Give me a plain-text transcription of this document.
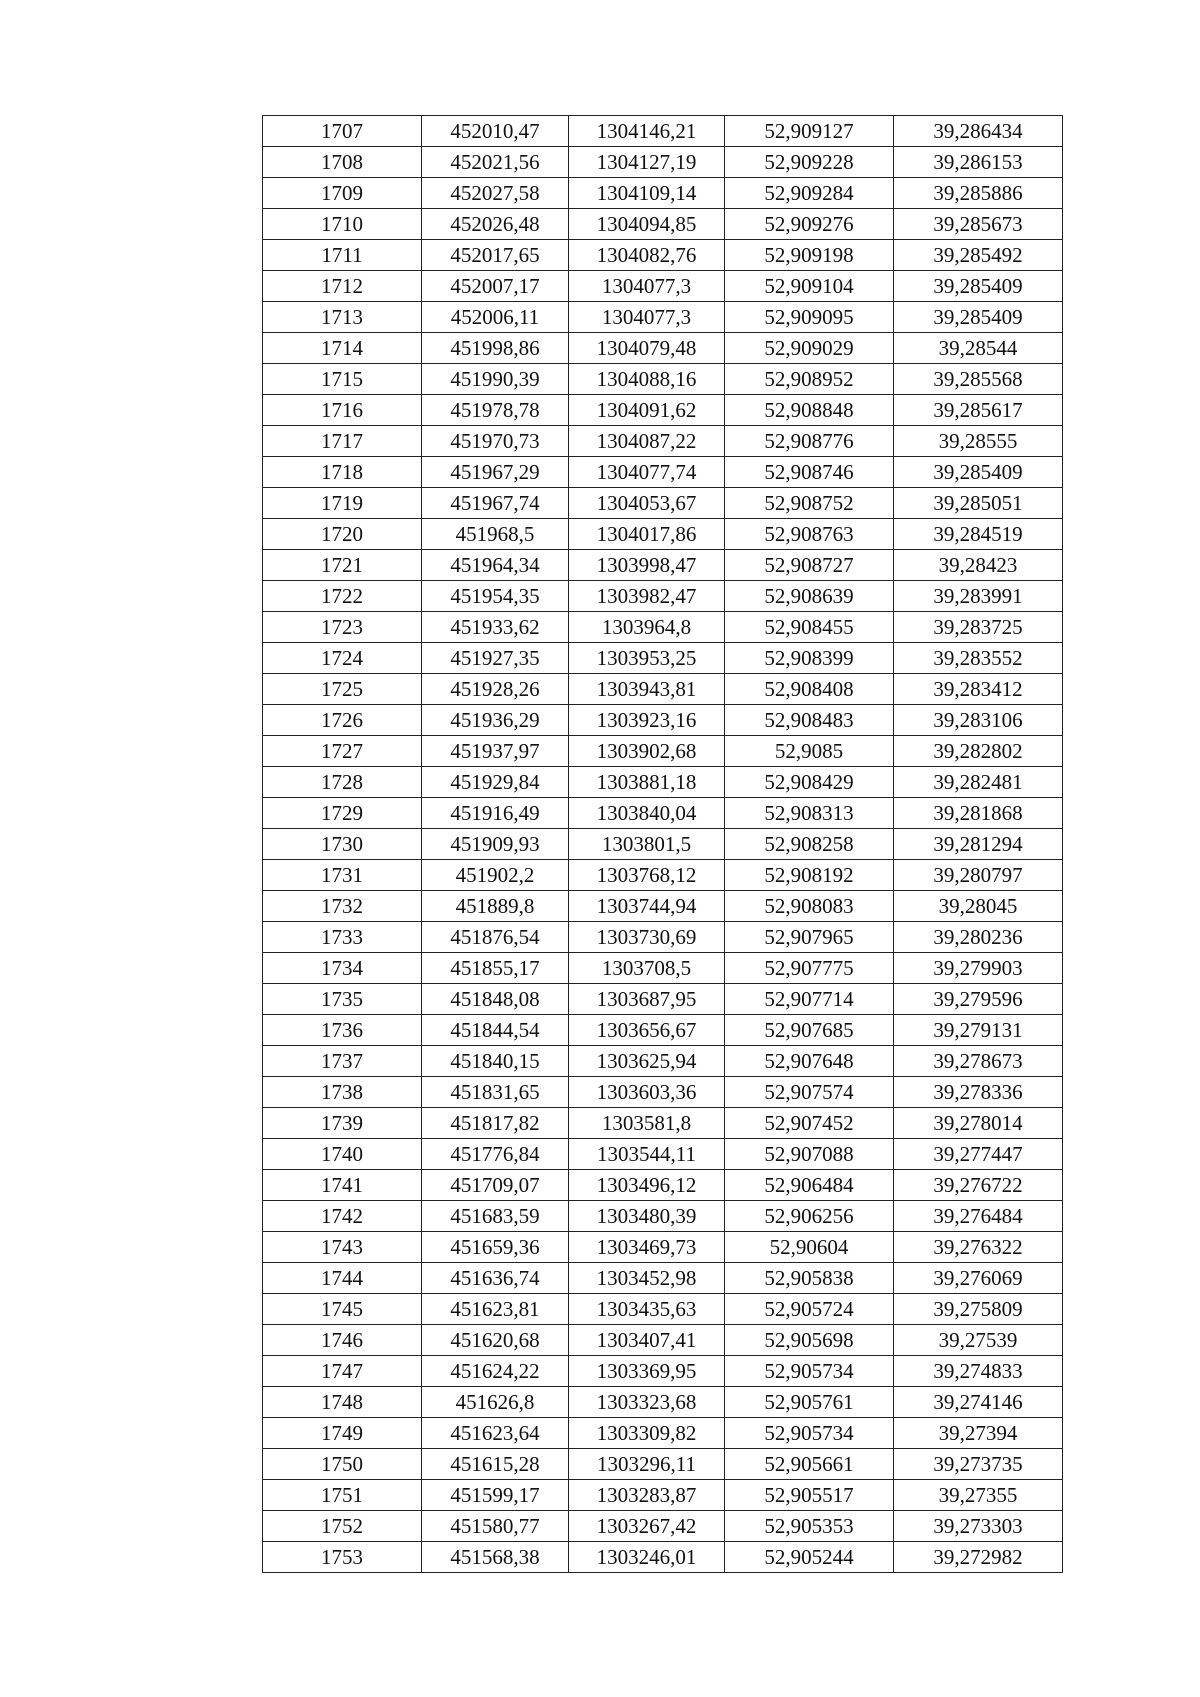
1707	452010,47	1304146,21	52,909127	39,286434
1708	452021,56	1304127,19	52,909228	39,286153
1709	452027,58	1304109,14	52,909284	39,285886
1710	452026,48	1304094,85	52,909276	39,285673
1711	452017,65	1304082,76	52,909198	39,285492
1712	452007,17	1304077,3	52,909104	39,285409
1713	452006,11	1304077,3	52,909095	39,285409
1714	451998,86	1304079,48	52,909029	39,28544
1715	451990,39	1304088,16	52,908952	39,285568
1716	451978,78	1304091,62	52,908848	39,285617
1717	451970,73	1304087,22	52,908776	39,28555
1718	451967,29	1304077,74	52,908746	39,285409
1719	451967,74	1304053,67	52,908752	39,285051
1720	451968,5	1304017,86	52,908763	39,284519
1721	451964,34	1303998,47	52,908727	39,28423
1722	451954,35	1303982,47	52,908639	39,283991
1723	451933,62	1303964,8	52,908455	39,283725
1724	451927,35	1303953,25	52,908399	39,283552
1725	451928,26	1303943,81	52,908408	39,283412
1726	451936,29	1303923,16	52,908483	39,283106
1727	451937,97	1303902,68	52,9085	39,282802
1728	451929,84	1303881,18	52,908429	39,282481
1729	451916,49	1303840,04	52,908313	39,281868
1730	451909,93	1303801,5	52,908258	39,281294
1731	451902,2	1303768,12	52,908192	39,280797
1732	451889,8	1303744,94	52,908083	39,28045
1733	451876,54	1303730,69	52,907965	39,280236
1734	451855,17	1303708,5	52,907775	39,279903
1735	451848,08	1303687,95	52,907714	39,279596
1736	451844,54	1303656,67	52,907685	39,279131
1737	451840,15	1303625,94	52,907648	39,278673
1738	451831,65	1303603,36	52,907574	39,278336
1739	451817,82	1303581,8	52,907452	39,278014
1740	451776,84	1303544,11	52,907088	39,277447
1741	451709,07	1303496,12	52,906484	39,276722
1742	451683,59	1303480,39	52,906256	39,276484
1743	451659,36	1303469,73	52,90604	39,276322
1744	451636,74	1303452,98	52,905838	39,276069
1745	451623,81	1303435,63	52,905724	39,275809
1746	451620,68	1303407,41	52,905698	39,27539
1747	451624,22	1303369,95	52,905734	39,274833
1748	451626,8	1303323,68	52,905761	39,274146
1749	451623,64	1303309,82	52,905734	39,27394
1750	451615,28	1303296,11	52,905661	39,273735
1751	451599,17	1303283,87	52,905517	39,27355
1752	451580,77	1303267,42	52,905353	39,273303
1753	451568,38	1303246,01	52,905244	39,272982
